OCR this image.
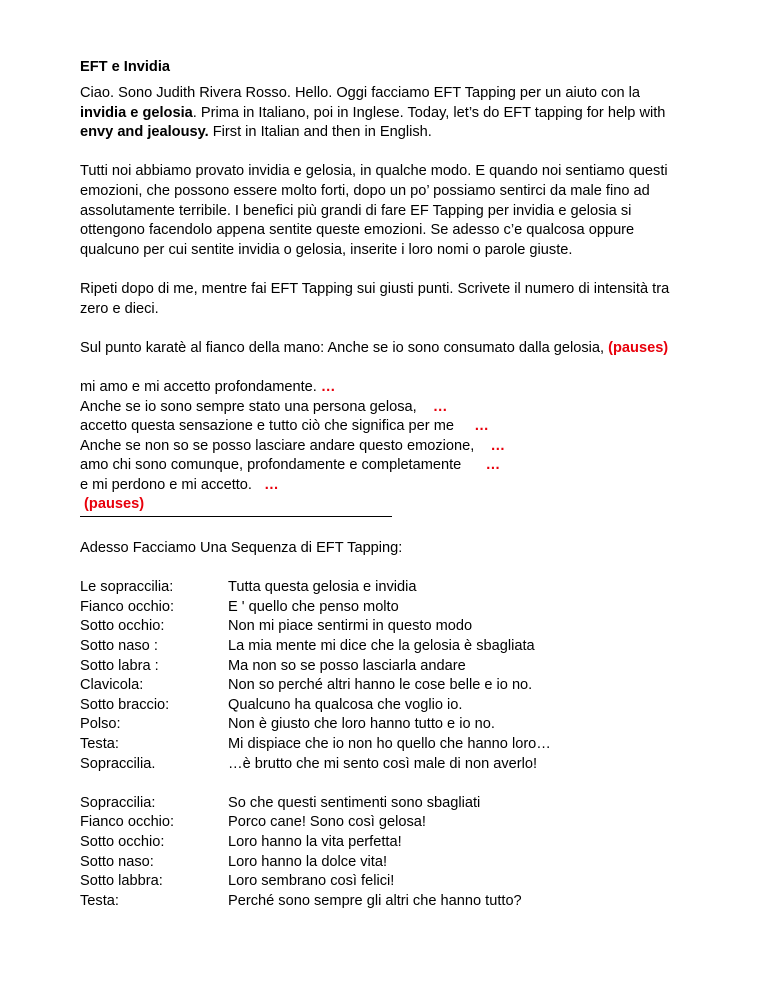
EFT e Invidia

Ciao. Sono Judith Rivera Rosso. Hello. Oggi facciamo EFT Tapping per un aiuto con la invidia e gelosia. Prima in Italiano, poi in Inglese. Today, let’s do EFT tapping for help with envy and jealousy. First in Italian and then in English.

Tutti noi abbiamo provato invidia e gelosia, in qualche modo. E quando noi sentiamo questi emozioni, che possono essere molto forti, dopo un po’ possiamo sentirci da male fino ad assolutamente terribile. I benefici più grandi di fare EF Tapping per invidia e gelosia si ottengono facendolo appena sentite queste emozioni. Se adesso c’e qualcosa oppure qualcuno per cui sentite invidia o gelosia, inserite i loro nomi o parole giuste.

Ripeti dopo di me, mentre fai EFT Tapping sui giusti punti. Scrivete il numero di intensità tra zero e dieci.

Sul punto karatè al fianco della mano: Anche se io sono consumato dalla gelosia, (pauses)

mi amo e mi accetto profondamente. …
Anche se io sono sempre stato una persona gelosa, …
accetto questa sensazione e tutto ciò che significa per me …
Anche se non so se posso lasciare andare questo emozione, …
amo chi sono comunque, profondamente e completamente …
e mi perdono e mi accetto. …

(pauses)

Adesso Facciamo Una Sequenza di EFT Tapping:

Le sopraccilia:	Tutta questa gelosia e invidia
Fianco occhio:	E ' quello che penso molto
Sotto occhio:	Non mi piace sentirmi in questo modo
Sotto naso :	La mia mente mi dice che la gelosia è sbagliata
Sotto labra :	Ma non so se posso lasciarla andare
Clavicola:	Non so perché altri hanno le cose belle e io no.
Sotto braccio:	Qualcuno ha qualcosa che voglio io.
Polso:	Non è giusto che loro hanno tutto e io no.
Testa:	Mi dispiace che io non ho quello che hanno loro…
Sopraccilia.	…è brutto che mi sento così male di non averlo!
Sopraccilia:	So che questi sentimenti sono sbagliati
Fianco occhio:	Porco cane! Sono così gelosa!
Sotto occhio:	Loro hanno la vita perfetta!
Sotto naso:	Loro hanno la dolce vita!
Sotto labbra:	Loro sembrano così felici!
Testa:	Perché sono sempre gli altri che hanno tutto?
